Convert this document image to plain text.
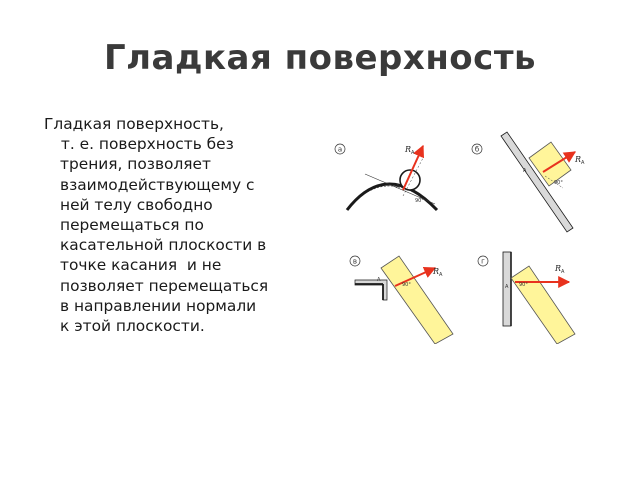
Гладкая поверхность
Гладкая поверхность,
т. е. поверхность без
трения, позволяет
взаимодействующему с
ней телу свободно
перемещаться по
касательной плоскости в
точке касания  и не
позволяет перемещаться
в направлении нормали
к этой плоскости.
а	R A
A
90°
б
A
R A
90°
в
A
R A
90°
г
A
R A
90°
